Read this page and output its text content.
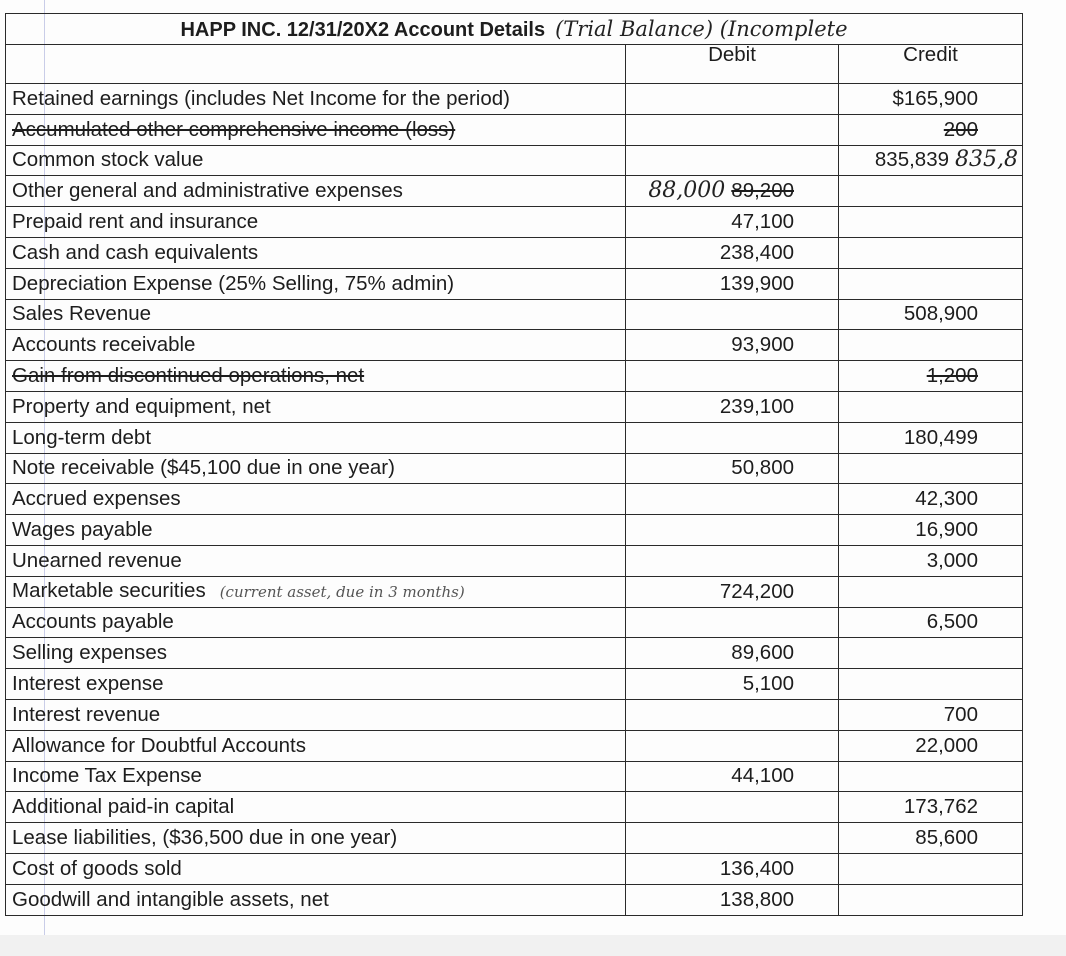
HAPP INC. 12/31/20X2 Account Details (Trial Balance) (Incomplete		
	Debit	Credit
Retained earnings (includes Net Income for the period)		$165,900
Accumulated other comprehensive income (loss)		200
Common stock value		835,839 835,8
Other general and administrative expenses	88,000 89,200	
Prepaid rent and insurance	47,100	
Cash and cash equivalents	238,400	
Depreciation Expense (25% Selling, 75% admin)	139,900	
Sales Revenue		508,900
Accounts receivable	93,900	
Gain from discontinued operations, net		1,200
Property and equipment, net	239,100	
Long-term debt		180,499
Note receivable ($45,100 due in one year)	50,800	
Accrued expenses		42,300
Wages payable		16,900
Unearned revenue		3,000
Marketable securities (current asset, due in 3 months)	724,200	
Accounts payable		6,500
Selling expenses	89,600	
Interest expense	5,100	
Interest revenue		700
Allowance for Doubtful Accounts		22,000
Income Tax Expense	44,100	
Additional paid-in capital		173,762
Lease liabilities, ($36,500 due in one year)		85,600
Cost of goods sold	136,400	
Goodwill and intangible assets, net	138,800	
